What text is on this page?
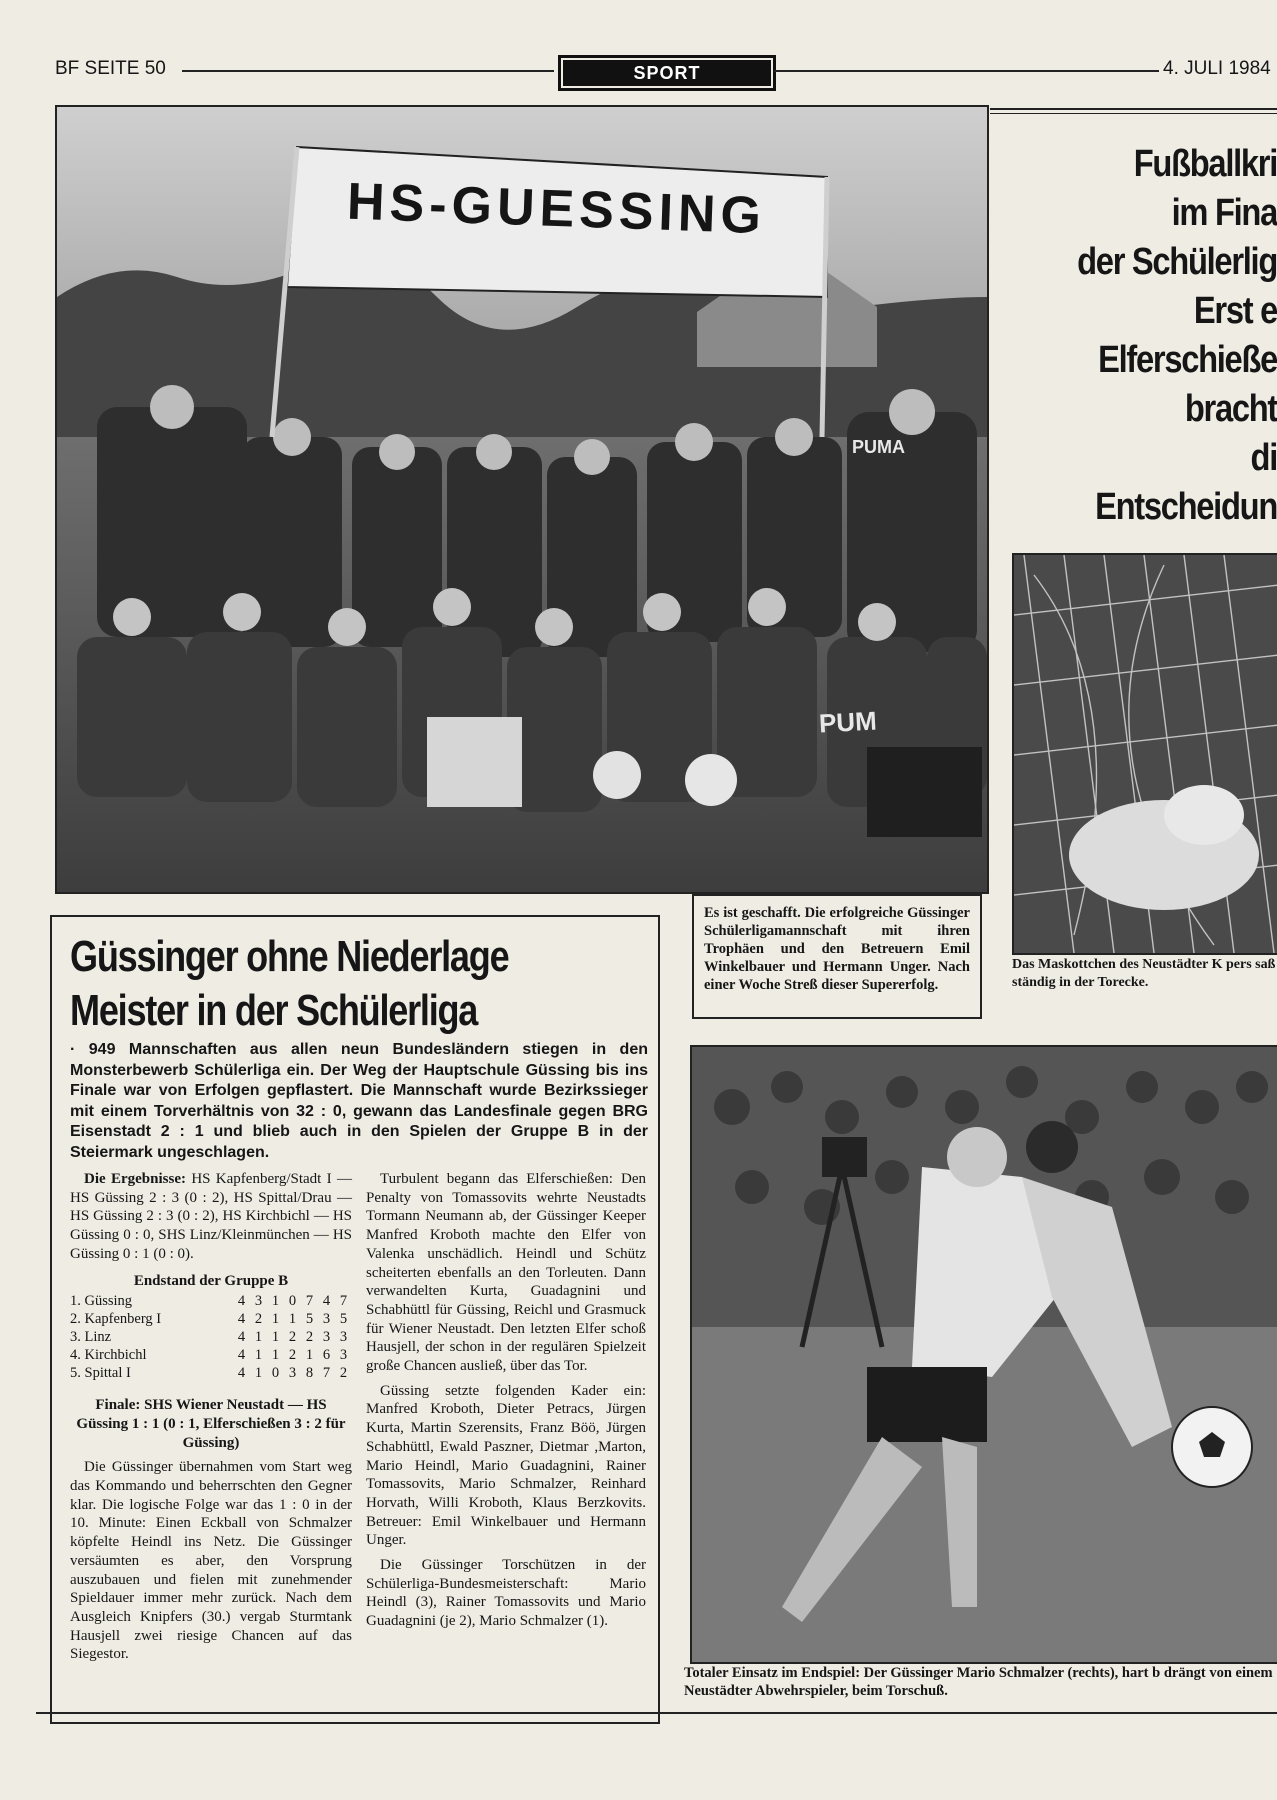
BF SEITE 50	SPORT	4. JULI 1984
HS-GUESSING
PUM
PUMA
Fußballkri
im Fina
der Schülerlig
Erst e
Elferschieße
bracht
di
Entscheidun
Das Maskottchen des Neustädter K pers saß ständig in der Torecke.
Es ist geschafft. Die erfolgreiche Güssinger Schülerligamannschaft mit ihren Trophäen und den Betreuern Emil Winkelbauer und Hermann Unger. Nach einer Woche Streß dieser Supererfolg.
Totaler Einsatz im Endspiel: Der Güssinger Mario Schmalzer (rechts), hart b drängt von einem Neustädter Abwehrspieler, beim Torschuß.
Güssinger ohne Niederlage
Meister in der Schülerliga
· 949 Mannschaften aus allen neun Bundesländern stiegen in den Monsterbewerb Schülerliga ein. Der Weg der Hauptschule Güssing bis ins Finale war von Erfolgen gepflastert. Die Mannschaft wurde Bezirkssieger mit einem Torverhältnis von 32 : 0, gewann das Landesfinale gegen BRG Eisenstadt 2 : 1 und blieb auch in den Spielen der Gruppe B in der Steiermark ungeschlagen.

Die Ergebnisse: HS Kapfenberg/Stadt I — HS Güssing 2 : 3 (0 : 2), HS Spittal/Drau — HS Güssing 2 : 3 (0 : 2), HS Kirchbichl — HS Güssing 0 : 0, SHS Linz/Kleinmünchen — HS Güssing 0 : 1 (0 : 0).

Endstand der Gruppe B
1. Güssing	4	3	1	0	7	4	7
2. Kapfenberg I	4	2	1	1	5	3	5
3. Linz	4	1	1	2	2	3	3
4. Kirchbichl	4	1	1	2	1	6	3
5. Spittal I	4	1	0	3	8	7	2

Finale: SHS Wiener Neustadt — HS Güssing 1 : 1 (0 : 1, Elferschießen 3 : 2 für Güssing)

Die Güssinger übernahmen vom Start weg das Kommando und beherrschten den Gegner klar. Die logische Folge war das 1 : 0 in der 10. Minute: Einen Eckball von Schmalzer köpfelte Heindl ins Netz. Die Güssinger versäumten es aber, den Vorsprung auszubauen und fielen mit zunehmender Spieldauer immer mehr zurück. Nach dem Ausgleich Knipfers (30.) vergab Sturmtank Hausjell zwei riesige Chancen auf das Siegestor.

Turbulent begann das Elferschießen: Den Penalty von Tomassovits wehrte Neustadts Tormann Neumann ab, der Güssinger Keeper Manfred Kroboth machte den Elfer von Valenka unschädlich. Heindl und Schütz scheiterten ebenfalls an den Torleuten. Dann verwandelten Kurta, Guadagnini und Schabhüttl für Güssing, Reichl und Grasmuck für Wiener Neustadt. Den letzten Elfer schoß Hausjell, der schon in der regulären Spielzeit große Chancen ausließ, über das Tor.

Güssing setzte folgenden Kader ein: Manfred Kroboth, Dieter Petracs, Jürgen Kurta, Martin Szerensits, Franz Böö, Jürgen Schabhüttl, Ewald Paszner, Dietmar ,Marton, Mario Heindl, Mario Guadagnini, Rainer Tomassovits, Mario Schmalzer, Reinhard Horvath, Willi Kroboth, Klaus Berzkovits. Betreuer: Emil Winkelbauer und Hermann Unger.

Die Güssinger Torschützen in der Schülerliga-Bundesmeisterschaft: Mario Heindl (3), Rainer Tomassovits und Mario Guadagnini (je 2), Mario Schmalzer (1).
